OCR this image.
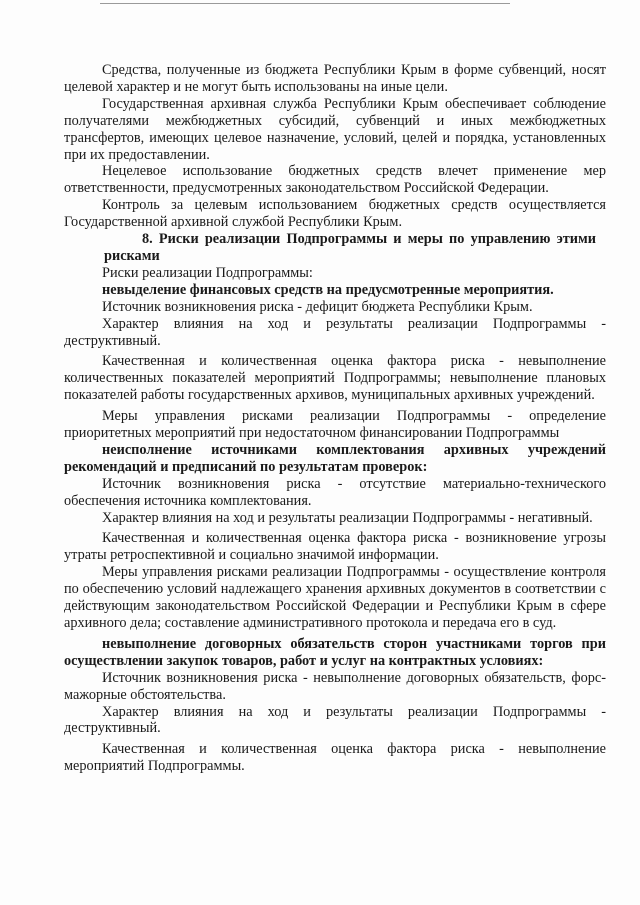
Средства, полученные из бюджета Республики Крым в форме субвенций, носят целевой характер и не могут быть использованы на иные цели.

Государственная архивная служба Республики Крым обеспечивает соблюдение получателями межбюджетных субсидий, субвенций и иных межбюджетных трансфертов, имеющих целевое назначение, условий, целей и порядка, установленных при их предоставлении.

Нецелевое использование бюджетных средств влечет применение мер ответственности, предусмотренных законодательством Российской Федерации.

Контроль за целевым использованием бюджетных средств осуществляется Государственной архивной службой Республики Крым.

8. Риски реализации Подпрограммы и меры по управлению этими рисками

Риски реализации Подпрограммы:

невыделение финансовых средств на предусмотренные мероприятия.

Источник возникновения риска - дефицит бюджета Республики Крым.

Характер влияния на ход и результаты реализации Подпрограммы - деструктивный.

Качественная и количественная оценка фактора риска - невыполнение количественных показателей мероприятий Подпрограммы; невыполнение плановых показателей работы государственных архивов, муниципальных архивных учреждений.

Меры управления рисками реализации Подпрограммы - определение приоритетных мероприятий при недостаточном финансировании Подпрограммы

неисполнение источниками комплектования архивных учреждений рекомендаций и предписаний по результатам проверок:

Источник возникновения риска - отсутствие материально-технического обеспечения источника комплектования.

Характер влияния на ход и результаты реализации Подпрограммы - негативный.

Качественная и количественная оценка фактора риска - возникновение угрозы утраты ретроспективной и социально значимой информации.

Меры управления рисками реализации Подпрограммы - осуществление контроля по обеспечению условий надлежащего хранения архивных документов в соответствии с действующим законодательством Российской Федерации и Республики Крым в сфере архивного дела; составление административного протокола и передача его в суд.

невыполнение договорных обязательств сторон участниками торгов при осуществлении закупок товаров, работ и услуг на контрактных условиях:

Источник возникновения риска - невыполнение договорных обязательств, форс-мажорные обстоятельства.

Характер влияния на ход и результаты реализации Подпрограммы - деструктивный.

Качественная и количественная оценка фактора риска - невыполнение мероприятий Подпрограммы.
